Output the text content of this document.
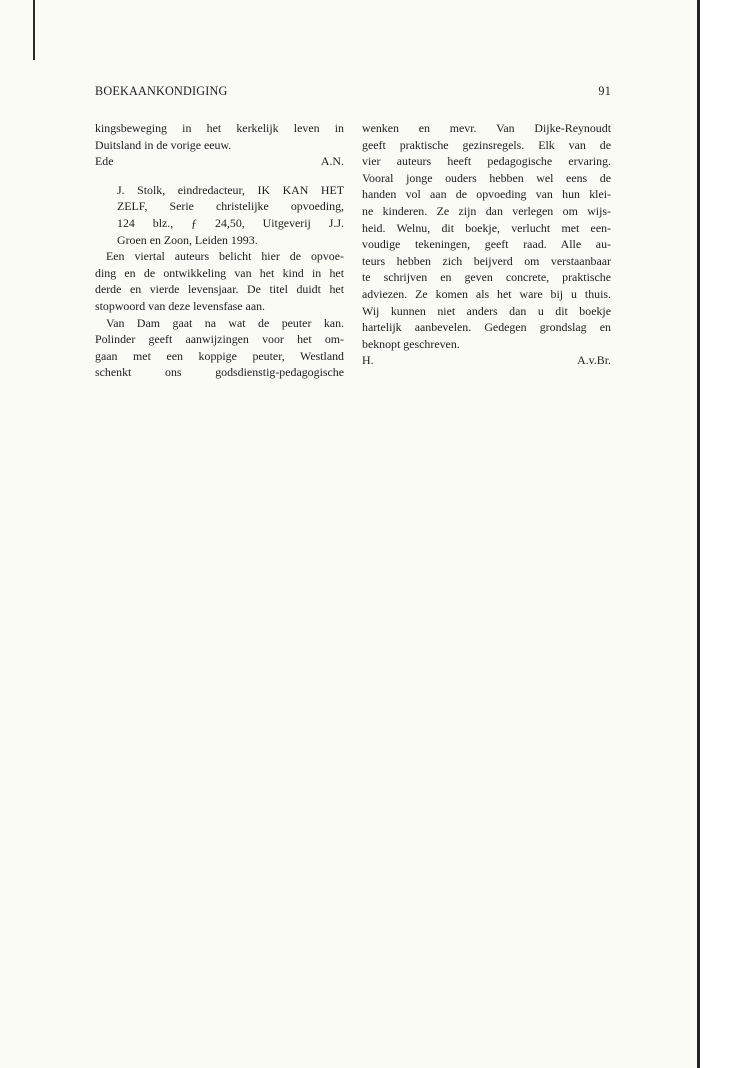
BOEKAANKONDIGING	91
kingsbeweging in het kerkelijk leven in
Duitsland in de vorige eeuw.
Ede	A.N.
J. Stolk, eindredacteur, IK KAN HET
ZELF, Serie christelijke opvoeding,
124 blz., ƒ 24,50, Uitgeverij J.J.
Groen en Zoon, Leiden 1993.
Een viertal auteurs belicht hier de opvoe-
ding en de ontwikkeling van het kind in het
derde en vierde levensjaar. De titel duidt het
stopwoord van deze levensfase aan.
Van Dam gaat na wat de peuter kan.
Polinder geeft aanwijzingen voor het om-
gaan met een koppige peuter, Westland
schenkt ons godsdienstig-pedagogische
wenken en mevr. Van Dijke-Reynoudt
geeft praktische gezinsregels. Elk van de
vier auteurs heeft pedagogische ervaring.
Vooral jonge ouders hebben wel eens de
handen vol aan de opvoeding van hun klei-
ne kinderen. Ze zijn dan verlegen om wijs-
heid. Welnu, dit boekje, verlucht met een-
voudige tekeningen, geeft raad. Alle au-
teurs hebben zich beijverd om verstaanbaar
te schrijven en geven concrete, praktische
adviezen. Ze komen als het ware bij u thuis.
Wij kunnen niet anders dan u dit boekje
hartelijk aanbevelen. Gedegen grondslag en
beknopt geschreven.
H.	A.v.Br.
